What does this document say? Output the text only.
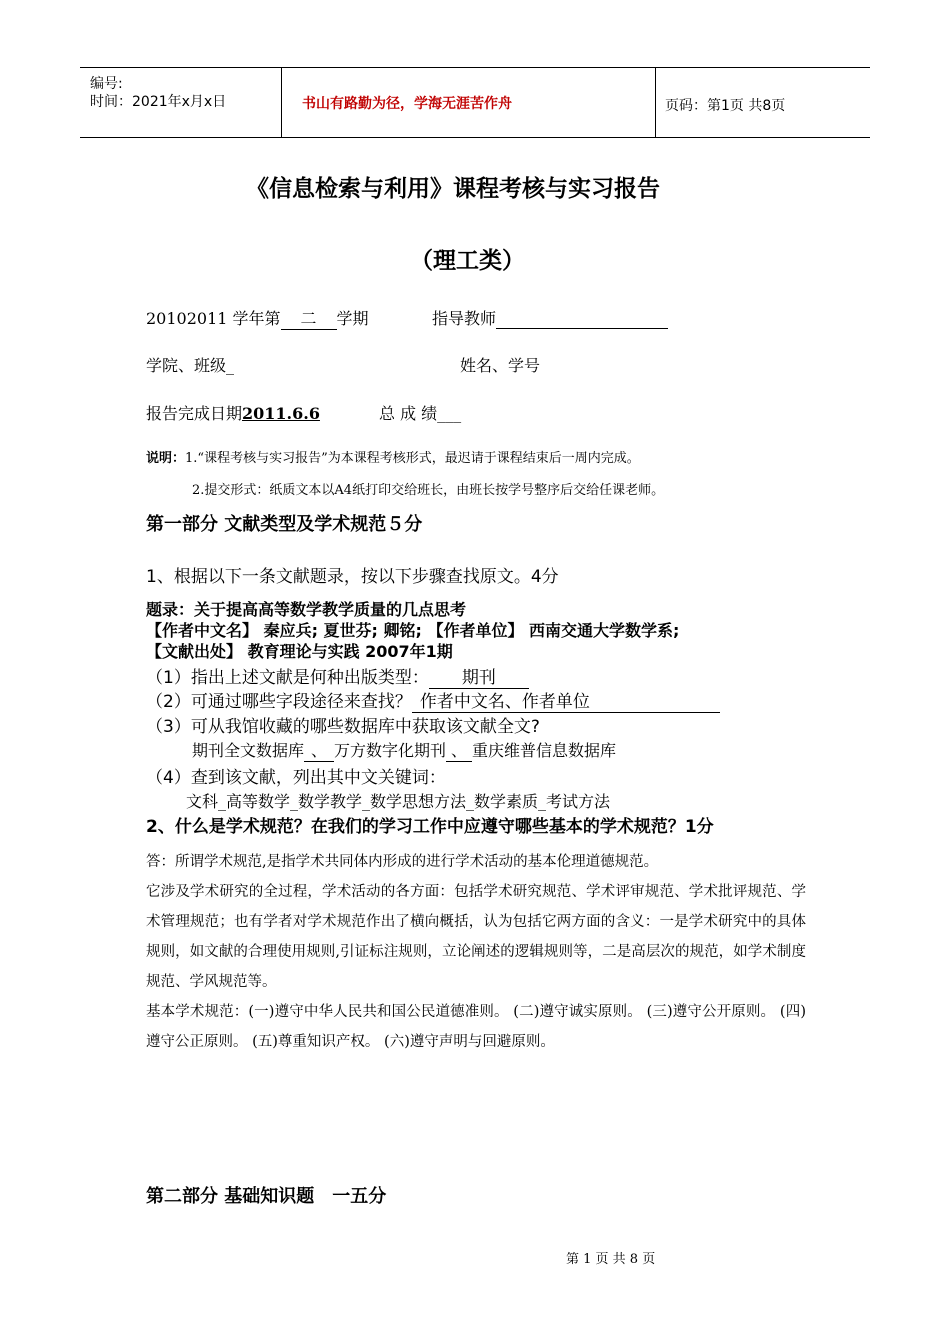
编号:
时间：2021年x月x日	书山有路勤为径，学海无涯苦作舟	页码：第1页 共8页
《信息检索与利用》课程考核与实习报告
（理工类）
20102011 学年第 二 学期	指导教师
学院、班级_	姓名、学号
报告完成日期2011.6.6	总 成 绩___
说明：1.“课程考核与实习报告”为本课程考核形式，最迟请于课程结束后一周内完成。
2.提交形式：纸质文本以A4纸打印交给班长，由班长按学号整序后交给任课老师。
第一部分 文献类型及学术规范５分
1、根据以下一条文献题录，按以下步骤查找原文。4分
题录：关于提高高等数学教学质量的几点思考
【作者中文名】 秦应兵; 夏世芬; 卿铭; 【作者单位】 西南交通大学数学系;
【文献出处】 教育理论与实践 2007年1期
（1）指出上述文献是何种出版类型： 期刊
（2）可通过哪些字段途径来查找？ 作者中文名、作者单位
（3）可从我馆收藏的哪些数据库中获取该文献全文?
期刊全文数据库 、 万方数字化期刊 、 重庆维普信息数据库
（4）查到该文献，列出其中文关键词：
文科_高等数学_数学教学_数学思想方法_数学素质_考试方法
2、什么是学术规范？在我们的学习工作中应遵守哪些基本的学术规范？1分
答：所谓学术规范,是指学术共同体内形成的进行学术活动的基本伦理道德规范。

它涉及学术研究的全过程，学术活动的各方面：包括学术研究规范、学术评审规范、学术批评规范、学术管理规范；也有学者对学术规范作出了横向概括，认为包括它两方面的含义：一是学术研究中的具体规则，如文献的合理使用规则,引证标注规则，立论阐述的逻辑规则等，二是高层次的规范，如学术制度规范、学风规范等。

基本学术规范：(一)遵守中华人民共和国公民道德准则。 (二)遵守诚实原则。 (三)遵守公开原则。 (四)遵守公正原则。 (五)尊重知识产权。 (六)遵守声明与回避原则。

第二部分 基础知识题　一五分
第 1 页 共 8 页
